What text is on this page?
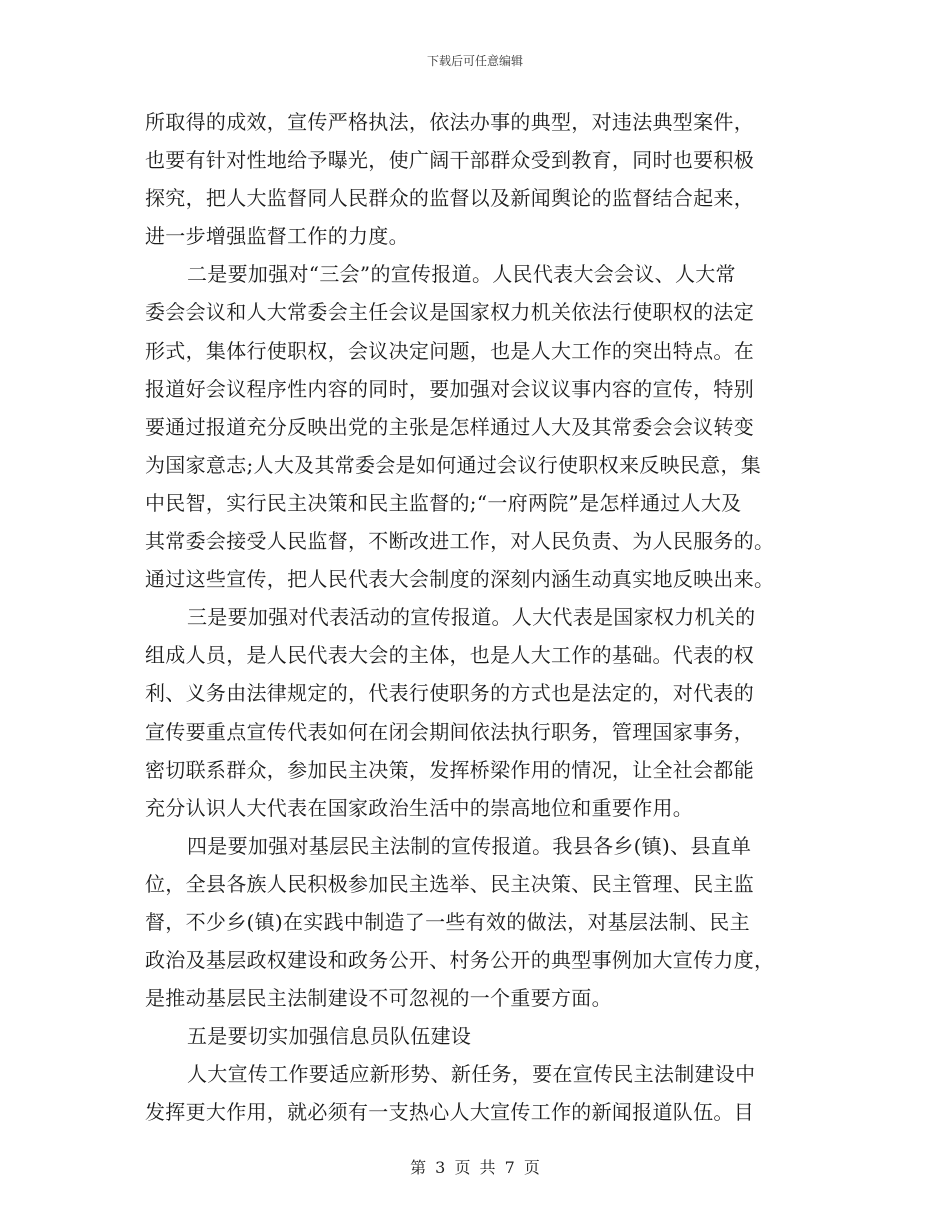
下载后可任意编辑
所取得的成效，宣传严格执法，依法办事的典型，对违法典型案件，
也要有针对性地给予曝光，使广阔干部群众受到教育，同时也要积极
探究，把人大监督同人民群众的监督以及新闻舆论的监督结合起来，
进一步增强监督工作的力度。
二是要加强对“三会”的宣传报道。人民代表大会会议、人大常
委会会议和人大常委会主任会议是国家权力机关依法行使职权的法定
形式，集体行使职权，会议决定问题，也是人大工作的突出特点。在
报道好会议程序性内容的同时，要加强对会议议事内容的宣传，特别
要通过报道充分反映出党的主张是怎样通过人大及其常委会会议转变
为国家意志;人大及其常委会是如何通过会议行使职权来反映民意，集
中民智，实行民主决策和民主监督的;“一府两院”是怎样通过人大及
其常委会接受人民监督，不断改进工作，对人民负责、为人民服务的。
通过这些宣传，把人民代表大会制度的深刻内涵生动真实地反映出来。
三是要加强对代表活动的宣传报道。人大代表是国家权力机关的
组成人员，是人民代表大会的主体，也是人大工作的基础。代表的权
利、义务由法律规定的，代表行使职务的方式也是法定的，对代表的
宣传要重点宣传代表如何在闭会期间依法执行职务，管理国家事务，
密切联系群众，参加民主决策，发挥桥梁作用的情况，让全社会都能
充分认识人大代表在国家政治生活中的崇高地位和重要作用。
四是要加强对基层民主法制的宣传报道。我县各乡(镇)、县直单
位，全县各族人民积极参加民主选举、民主决策、民主管理、民主监
督，不少乡(镇)在实践中制造了一些有效的做法，对基层法制、民主
政治及基层政权建设和政务公开、村务公开的典型事例加大宣传力度，
是推动基层民主法制建设不可忽视的一个重要方面。
五是要切实加强信息员队伍建设
人大宣传工作要适应新形势、新任务，要在宣传民主法制建设中
发挥更大作用，就必须有一支热心人大宣传工作的新闻报道队伍。目
第 3 页 共 7 页
